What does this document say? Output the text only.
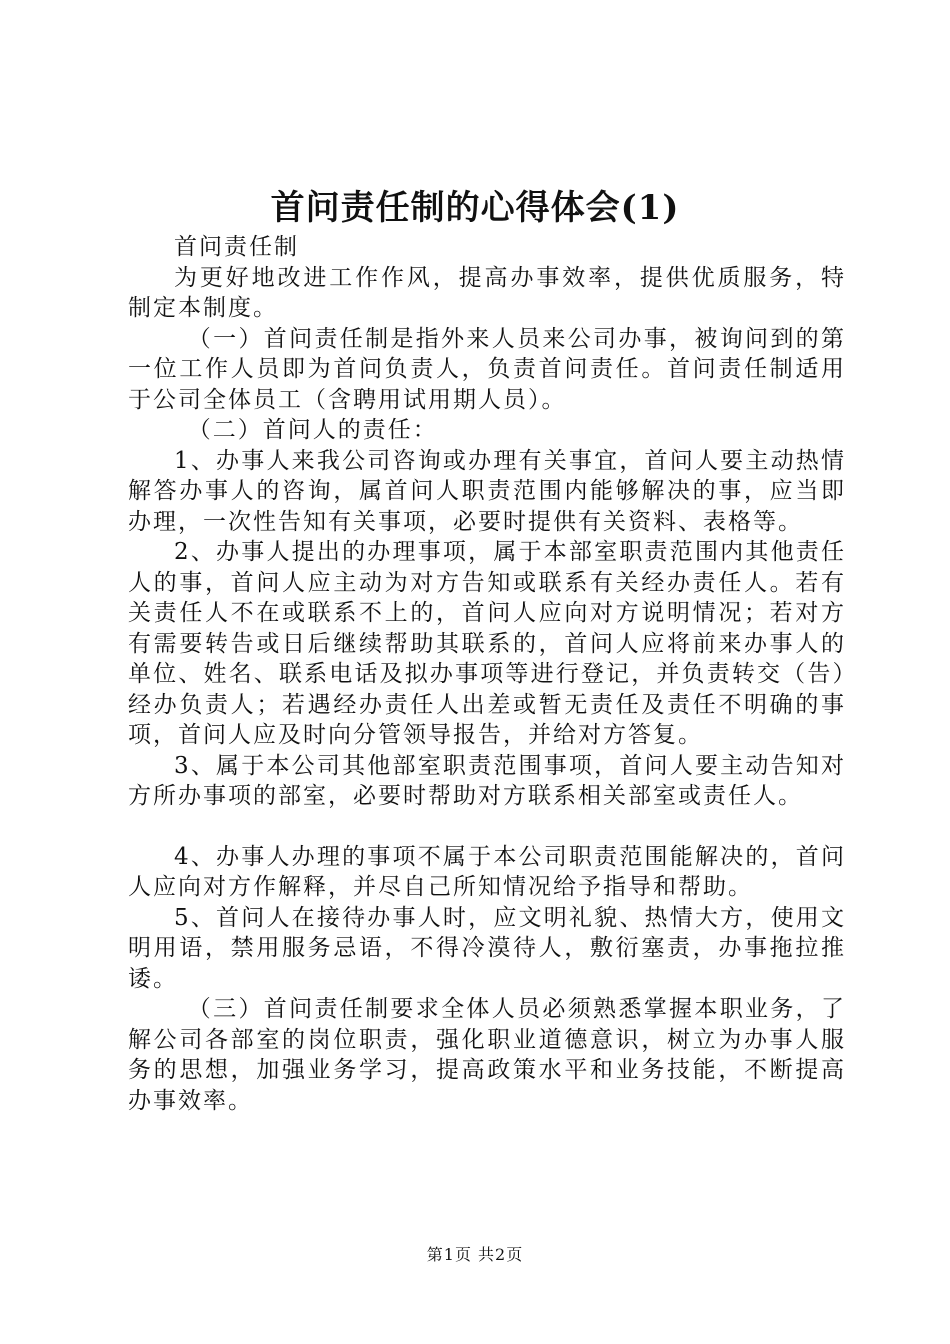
首问责任制的心得体会(1)

首问责任制

为更好地改进工作作风，提高办事效率，提供优质服务，特制定本制度。

（一）首问责任制是指外来人员来公司办事，被询问到的第一位工作人员即为首问负责人，负责首问责任。首问责任制适用于公司全体员工（含聘用试用期人员）。

（二）首问人的责任：

1、办事人来我公司咨询或办理有关事宜，首问人要主动热情解答办事人的咨询，属首问人职责范围内能够解决的事，应当即办理，一次性告知有关事项，必要时提供有关资料、表格等。

2、办事人提出的办理事项，属于本部室职责范围内其他责任人的事，首问人应主动为对方告知或联系有关经办责任人。若有关责任人不在或联系不上的，首问人应向对方说明情况；若对方有需要转告或日后继续帮助其联系的，首问人应将前来办事人的单位、姓名、联系电话及拟办事项等进行登记，并负责转交（告）经办负责人；若遇经办责任人出差或暂无责任及责任不明确的事项，首问人应及时向分管领导报告，并给对方答复。

3、属于本公司其他部室职责范围事项，首问人要主动告知对方所办事项的部室，必要时帮助对方联系相关部室或责任人。

4、办事人办理的事项不属于本公司职责范围能解决的，首问人应向对方作解释，并尽自己所知情况给予指导和帮助。

5、首问人在接待办事人时，应文明礼貌、热情大方，使用文明用语，禁用服务忌语，不得冷漠待人，敷衍塞责，办事拖拉推诿。

（三）首问责任制要求全体人员必须熟悉掌握本职业务，了解公司各部室的岗位职责，强化职业道德意识，树立为办事人服务的思想，加强业务学习，提高政策水平和业务技能，不断提高办事效率。

第1页 共2页
